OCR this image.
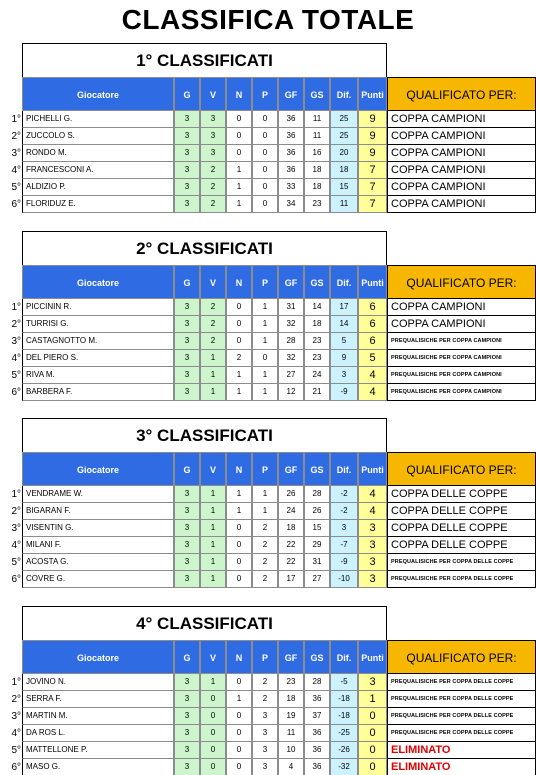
CLASSIFICA TOTALE
1° CLASSIFICATI
Giocatore	G	V	N	P	GF	GS	Dif.	Punti	QUALIFICATO PER:
1° PICHELLI G.	3	3	0	0	36	11	25	9	COPPA CAMPIONI
2° ZUCCOLO S.	3	3	0	0	36	11	25	9	COPPA CAMPIONI
3° RONDO M.	3	3	0	0	36	16	20	9	COPPA CAMPIONI
4° FRANCESCONI A.	3	2	1	0	36	18	18	7	COPPA CAMPIONI
5° ALDIZIO P.	3	2	1	0	33	18	15	7	COPPA CAMPIONI
6° FLORIDUZ E.	3	2	1	0	34	23	11	7	COPPA CAMPIONI
2° CLASSIFICATI
Giocatore	G	V	N	P	GF	GS	Dif.	Punti	QUALIFICATO PER:
1° PICCININ R.	3	2	0	1	31	14	17	6	COPPA CAMPIONI
2° TURRISI G.	3	2	0	1	32	18	14	6	COPPA CAMPIONI
3° CASTAGNOTTO M.	3	2	0	1	28	23	5	6	PREQUALISICHE PER COPPA CAMPIONI
4° DEL PIERO S.	3	1	2	0	32	23	9	5	PREQUALISICHE PER COPPA CAMPIONI
5° RIVA M.	3	1	1	1	27	24	3	4	PREQUALISICHE PER COPPA CAMPIONI
6° BARBERA F.	3	1	1	1	12	21	-9	4	PREQUALISICHE PER COPPA CAMPIONI
3° CLASSIFICATI
Giocatore	G	V	N	P	GF	GS	Dif.	Punti	QUALIFICATO PER:
1° VENDRAME W.	3	1	1	1	26	28	-2	4	COPPA DELLE COPPE
2° BIGARAN F.	3	1	1	1	24	26	-2	4	COPPA DELLE COPPE
3° VISENTIN G.	3	1	0	2	18	15	3	3	COPPA DELLE COPPE
4° MILANI F.	3	1	0	2	22	29	-7	3	COPPA DELLE COPPE
5° ACOSTA G.	3	1	0	2	22	31	-9	3	PREQUALISICHE PER COPPA DELLE COPPE
6° COVRE G.	3	1	0	2	17	27	-10	3	PREQUALISICHE PER COPPA DELLE COPPE
4° CLASSIFICATI
Giocatore	G	V	N	P	GF	GS	Dif.	Punti	QUALIFICATO PER:
1° JOVINO N.	3	1	0	2	23	28	-5	3	PREQUALISICHE PER COPPA DELLE COPPE
2° SERRA F.	3	0	1	2	18	36	-18	1	PREQUALISICHE PER COPPA DELLE COPPE
3° MARTIN M.	3	0	0	3	19	37	-18	0	PREQUALISICHE PER COPPA DELLE COPPE
4° DA ROS L.	3	0	0	3	11	36	-25	0	PREQUALISICHE PER COPPA DELLE COPPE
5° MATTELLONE P.	3	0	0	3	10	36	-26	0	ELIMINATO
6° MASO G.	3	0	0	3	4	36	-32	0	ELIMINATO
